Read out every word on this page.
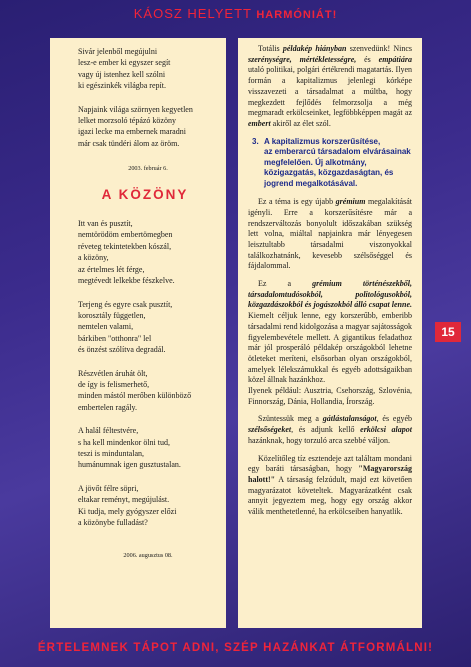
KÁOSZ HELYETT HARMÓNIÁT!
Sivár jelenből megújulni
lesz-e ember ki egyszer segít
vagy új istenhez kell szólni
ki egészinkék világba repít.
Napjaink világa szörnyen kegyetlen
lelket morzsoló tépázó közöny
igazi lecke ma embernek maradni
már csak tündéri álom az öröm.
2003. február 6.
A KÖZÖNY
Itt van és pusztít,
nemtörödöm embertömegben
réveteg tekintetekben kószál,
a közöny,
az értelmes lét férge,
megtévedt lelkekbe fészkelve.
Terjeng és egyre csak pusztít,
korosztály független,
nemtelen valami,
bárkiben "otthonra" lel
és önzést szólítva degradál.
Részvétlen áruhát ölt,
de így is felismerhető,
minden mástól merőben különböző
embertelen ragály.
A halál féltestvére,
s ha kell mindenkor ölni tud,
teszi is minduntalan,
humánumnak igen gusztustalan.
A jövőt félre söpri,
eltakar reményt, megújulást.
Ki tudja, mely gyógyszer előzi
a közönybe fulladást?
2006. augusztus 08.

Totális példakép hiányban szenvedünk! Nincs szerénységre, mértékletességre, és empátiára utaló politikai, polgári értékrendi magatartás. Ilyen formán a kapitalizmus jelenlegi kórképe visszavezeti a társadalmat a múltba, hogy megkezdett fejlődés felmorzsolja a még megmaradt erkölcseinket, legföbbképpen magát az embert akiről az élet szól.

3. A kapitalizmus korszerűsítése,
az emberarcú társadalom elvárásainak megfelelően. Új alkotmány, közigazgatás, közgazdaságtan, és jogrend megalkotásával.

Ez a téma is egy újabb grémium megalakítását igényli. Erre a korszerűsítésre már a rendszerváltozás bonyolult időszakában szükség lett volna, miáltal napjainkra már lényegesen leisztultabb társadalmi viszonyokkal találkozhatnánk, kevesebb szélsőséggel és fájdalommal.

Ez a grémium történészekből, társadalomtudósokból, politológusokból, közgazdászokból és jogászokból álló csapat lenne. Kiemelt céljuk lenne, egy korszerűbb, emberibb társadalmi rend kidolgozása a magyar sajátosságok figyelembevétele mellett. A gigantikus feladathoz már jól prosperáló példakép országokból lehetne ötleteket meríteni, elsősorban olyan országokból, amelyek lélekszámukkal és egyéb adottságaikban közel állnak hazánkhoz.

Ilyenek például: Ausztria, Csehország, Szlovénia, Finnország, Dánia, Hollandia, Írország.

Szüntessük meg a gátlástalanságot, és egyéb szélsőségeket, és adjunk kellő erkölcsi alapot hazánknak, hogy torzuló arca szebbé váljon.

Közelítőleg tíz esztendeje azt találtam mondani egy baráti társaságban, hogy "Magyarország halott!" A társaság felzúdult, majd ezt követően magyarázatot követeltek. Magyarázatként csak annyit jegyeztem meg, hogy egy ország akkor válik menthetetlenné, ha erkölcseiben hanyatlik.

15
ÉRTELEMNEK TÁPOT ADNI, SZÉP HAZÁNKAT ÁTFORMÁLNI!
